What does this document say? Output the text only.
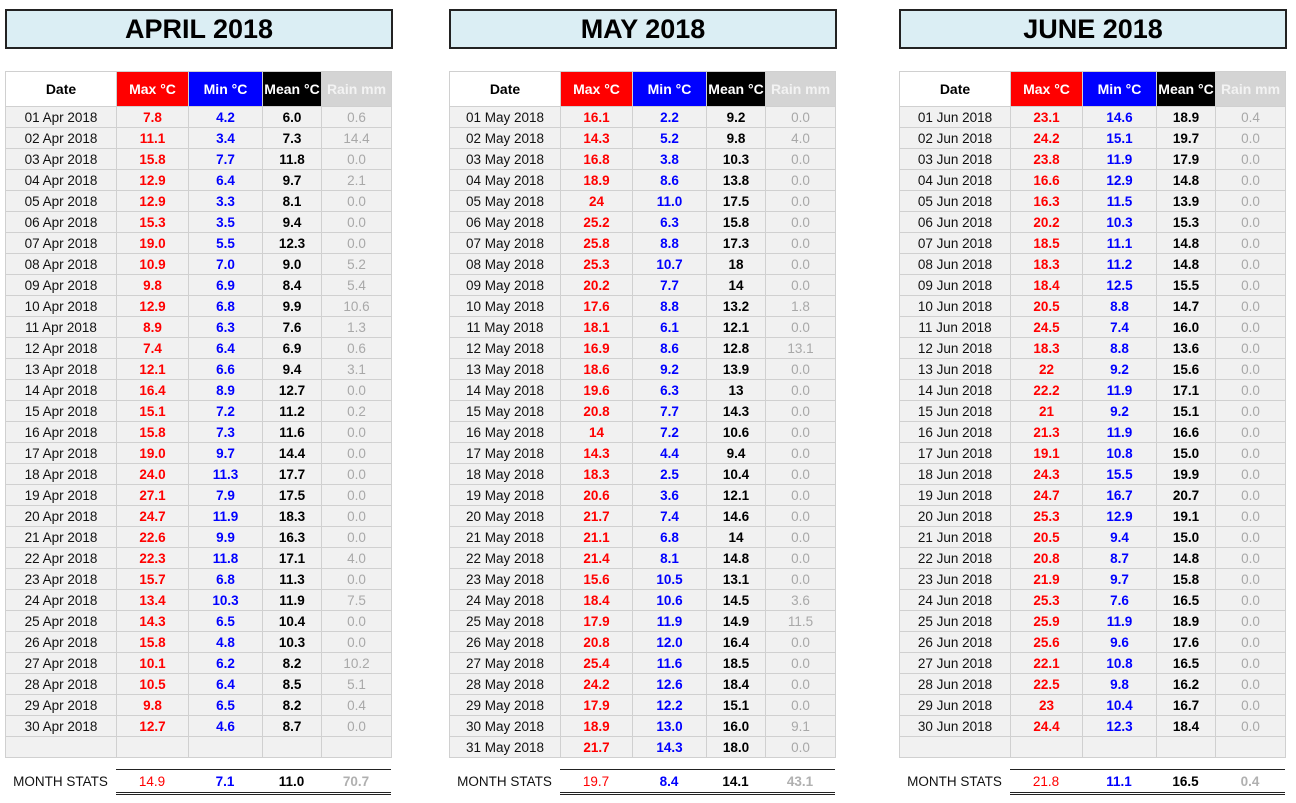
APRIL 2018
Date	Max °C	Min °C	Mean °C	Rain mm
01 Apr 2018	7.8	4.2	6.0	0.6
02 Apr 2018	11.1	3.4	7.3	14.4
03 Apr 2018	15.8	7.7	11.8	0.0
04 Apr 2018	12.9	6.4	9.7	2.1
05 Apr 2018	12.9	3.3	8.1	0.0
06 Apr 2018	15.3	3.5	9.4	0.0
07 Apr 2018	19.0	5.5	12.3	0.0
08 Apr 2018	10.9	7.0	9.0	5.2
09 Apr 2018	9.8	6.9	8.4	5.4
10 Apr 2018	12.9	6.8	9.9	10.6
11 Apr 2018	8.9	6.3	7.6	1.3
12 Apr 2018	7.4	6.4	6.9	0.6
13 Apr 2018	12.1	6.6	9.4	3.1
14 Apr 2018	16.4	8.9	12.7	0.0
15 Apr 2018	15.1	7.2	11.2	0.2
16 Apr 2018	15.8	7.3	11.6	0.0
17 Apr 2018	19.0	9.7	14.4	0.0
18 Apr 2018	24.0	11.3	17.7	0.0
19 Apr 2018	27.1	7.9	17.5	0.0
20 Apr 2018	24.7	11.9	18.3	0.0
21 Apr 2018	22.6	9.9	16.3	0.0
22 Apr 2018	22.3	11.8	17.1	4.0
23 Apr 2018	15.7	6.8	11.3	0.0
24 Apr 2018	13.4	10.3	11.9	7.5
25 Apr 2018	14.3	6.5	10.4	0.0
26 Apr 2018	15.8	4.8	10.3	0.0
27 Apr 2018	10.1	6.2	8.2	10.2
28 Apr 2018	10.5	6.4	8.5	5.1
29 Apr 2018	9.8	6.5	8.2	0.4
30 Apr 2018	12.7	4.6	8.7	0.0

MONTH STATS	14.9	7.1	11.0	70.7
MAY 2018
Date	Max °C	Min °C	Mean °C	Rain mm
01 May 2018	16.1	2.2	9.2	0.0
02 May 2018	14.3	5.2	9.8	4.0
03 May 2018	16.8	3.8	10.3	0.0
04 May 2018	18.9	8.6	13.8	0.0
05 May 2018	24	11.0	17.5	0.0
06 May 2018	25.2	6.3	15.8	0.0
07 May 2018	25.8	8.8	17.3	0.0
08 May 2018	25.3	10.7	18	0.0
09 May 2018	20.2	7.7	14	0.0
10 May 2018	17.6	8.8	13.2	1.8
11 May 2018	18.1	6.1	12.1	0.0
12 May 2018	16.9	8.6	12.8	13.1
13 May 2018	18.6	9.2	13.9	0.0
14 May 2018	19.6	6.3	13	0.0
15 May 2018	20.8	7.7	14.3	0.0
16 May 2018	14	7.2	10.6	0.0
17 May 2018	14.3	4.4	9.4	0.0
18 May 2018	18.3	2.5	10.4	0.0
19 May 2018	20.6	3.6	12.1	0.0
20 May 2018	21.7	7.4	14.6	0.0
21 May 2018	21.1	6.8	14	0.0
22 May 2018	21.4	8.1	14.8	0.0
23 May 2018	15.6	10.5	13.1	0.0
24 May 2018	18.4	10.6	14.5	3.6
25 May 2018	17.9	11.9	14.9	11.5
26 May 2018	20.8	12.0	16.4	0.0
27 May 2018	25.4	11.6	18.5	0.0
28 May 2018	24.2	12.6	18.4	0.0
29 May 2018	17.9	12.2	15.1	0.0
30 May 2018	18.9	13.0	16.0	9.1
31 May 2018	21.7	14.3	18.0	0.0
MONTH STATS	19.7	8.4	14.1	43.1
JUNE 2018
Date	Max °C	Min °C	Mean °C	Rain mm
01 Jun 2018	23.1	14.6	18.9	0.4
02 Jun 2018	24.2	15.1	19.7	0.0
03 Jun 2018	23.8	11.9	17.9	0.0
04 Jun 2018	16.6	12.9	14.8	0.0
05 Jun 2018	16.3	11.5	13.9	0.0
06 Jun 2018	20.2	10.3	15.3	0.0
07 Jun 2018	18.5	11.1	14.8	0.0
08 Jun 2018	18.3	11.2	14.8	0.0
09 Jun 2018	18.4	12.5	15.5	0.0
10 Jun 2018	20.5	8.8	14.7	0.0
11 Jun 2018	24.5	7.4	16.0	0.0
12 Jun 2018	18.3	8.8	13.6	0.0
13 Jun 2018	22	9.2	15.6	0.0
14 Jun 2018	22.2	11.9	17.1	0.0
15 Jun 2018	21	9.2	15.1	0.0
16 Jun 2018	21.3	11.9	16.6	0.0
17 Jun 2018	19.1	10.8	15.0	0.0
18 Jun 2018	24.3	15.5	19.9	0.0
19 Jun 2018	24.7	16.7	20.7	0.0
20 Jun 2018	25.3	12.9	19.1	0.0
21 Jun 2018	20.5	9.4	15.0	0.0
22 Jun 2018	20.8	8.7	14.8	0.0
23 Jun 2018	21.9	9.7	15.8	0.0
24 Jun 2018	25.3	7.6	16.5	0.0
25 Jun 2018	25.9	11.9	18.9	0.0
26 Jun 2018	25.6	9.6	17.6	0.0
27 Jun 2018	22.1	10.8	16.5	0.0
28 Jun 2018	22.5	9.8	16.2	0.0
29 Jun 2018	23	10.4	16.7	0.0
30 Jun 2018	24.4	12.3	18.4	0.0

MONTH STATS	21.8	11.1	16.5	0.4
